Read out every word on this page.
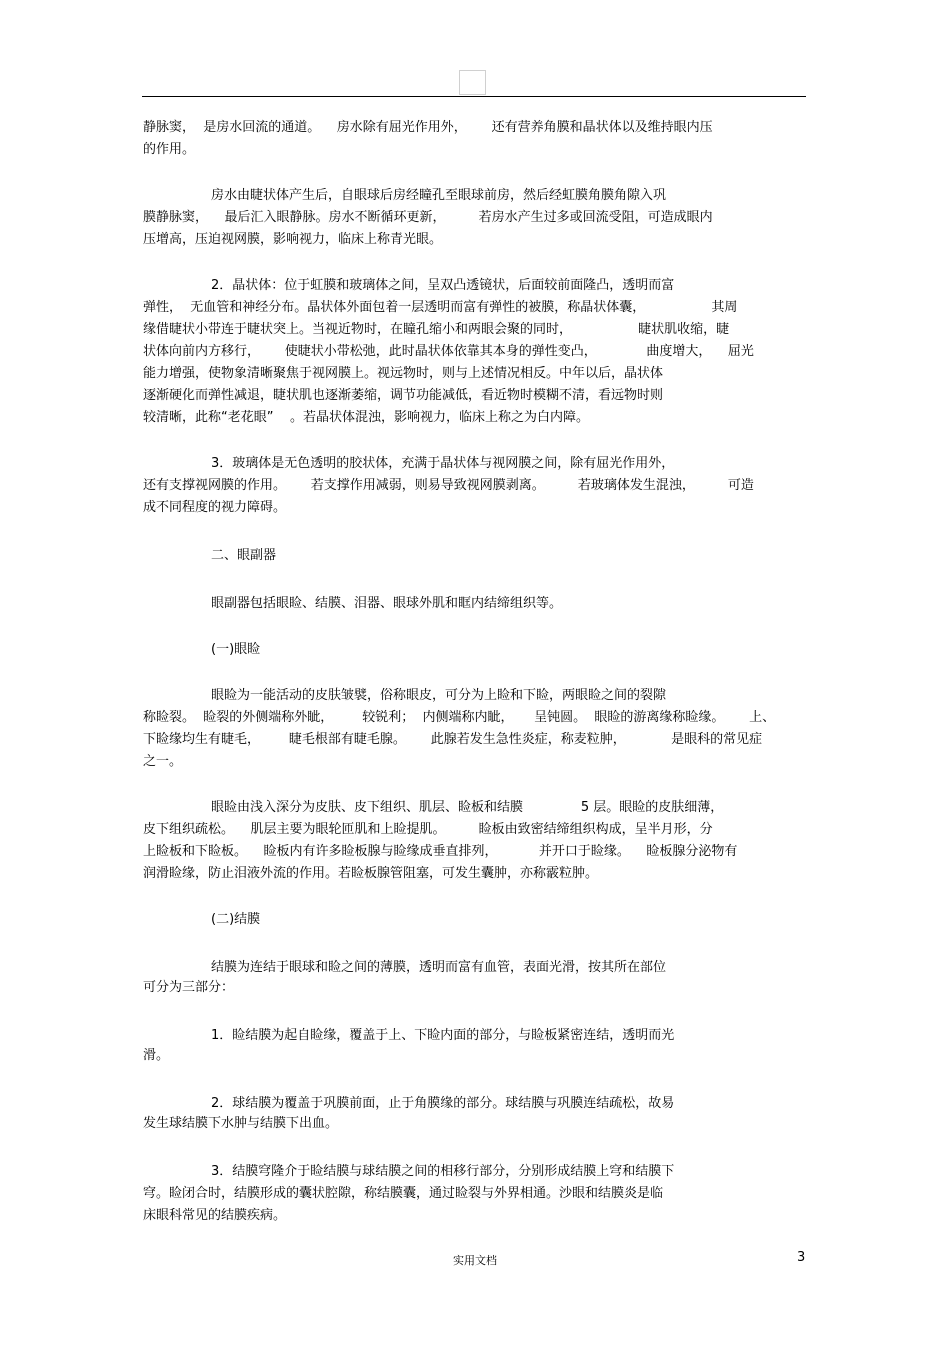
静脉窦，  是房水回流的通道。    房水除有屈光作用外，      还有营养角膜和晶状体以及维持眼内压
的作用。
房水由睫状体产生后，自眼球后房经瞳孔至眼球前房，然后经虹膜角膜角隙入巩
膜静脉窦，    最后汇入眼静脉。房水不断循环更新，        若房水产生过多或回流受阻，可造成眼内
压增高，压迫视网膜，影响视力，临床上称青光眼。
2．晶状体：位于虹膜和玻璃体之间，呈双凸透镜状，后面较前面隆凸，透明而富
弹性，  无血管和神经分布。晶状体外面包着一层透明而富有弹性的被膜，称晶状体囊，                其周
缘借睫状小带连于睫状突上。当视近物时，在瞳孔缩小和两眼会聚的同时，                睫状肌收缩，睫
状体向前内方移行，      使睫状小带松弛，此时晶状体依靠其本身的弹性变凸，            曲度增大，    屈光
能力增强，使物象清晰聚焦于视网膜上。视远物时，则与上述情况相反。中年以后，晶状体
逐渐硬化而弹性减退，睫状肌也逐渐萎缩，调节功能减低，看近物时模糊不清，看远物时则
较清晰，此称“老花眼”    。若晶状体混浊，影响视力，临床上称之为白内障。
3．玻璃体是无色透明的胶状体，充满于晶状体与视网膜之间，除有屈光作用外，
还有支撑视网膜的作用。      若支撑作用减弱，则易导致视网膜剥离。        若玻璃体发生混浊，        可造
成不同程度的视力障碍。
二、眼副器
眼副器包括眼睑、结膜、泪器、眼球外肌和眶内结缔组织等。
(一)眼睑
眼睑为一能活动的皮肤皱襞，俗称眼皮，可分为上睑和下睑，两眼睑之间的裂隙
称睑裂。  睑裂的外侧端称外眦，       较锐利；  内侧端称内眦，     呈钝圆。  眼睑的游离缘称睑缘。      上、
下睑缘均生有睫毛，       睫毛根部有睫毛腺。      此腺若发生急性炎症，称麦粒肿，           是眼科的常见症
之一。
眼睑由浅入深分为皮肤、皮下组织、肌层、睑板和结膜              5 层。眼睑的皮肤细薄，
皮下组织疏松。    肌层主要为眼轮匝肌和上睑提肌。        睑板由致密结缔组织构成，呈半月形，分
上睑板和下睑板。    睑板内有许多睑板腺与睑缘成垂直排列，          并开口于睑缘。    睑板腺分泌物有
润滑睑缘，防止泪液外流的作用。若睑板腺管阻塞，可发生囊肿，亦称霰粒肿。
(二)结膜
结膜为连结于眼球和睑之间的薄膜，透明而富有血管，表面光滑，按其所在部位
可分为三部分：
1．睑结膜为起自睑缘，覆盖于上、下睑内面的部分，与睑板紧密连结，透明而光
滑。
2．球结膜为覆盖于巩膜前面，止于角膜缘的部分。球结膜与巩膜连结疏松，故易
发生球结膜下水肿与结膜下出血。
3．结膜穹隆介于睑结膜与球结膜之间的相移行部分，分别形成结膜上穹和结膜下
穹。睑闭合时，结膜形成的囊状腔隙，称结膜囊，通过睑裂与外界相通。沙眼和结膜炎是临
床眼科常见的结膜疾病。
实用文档	3
